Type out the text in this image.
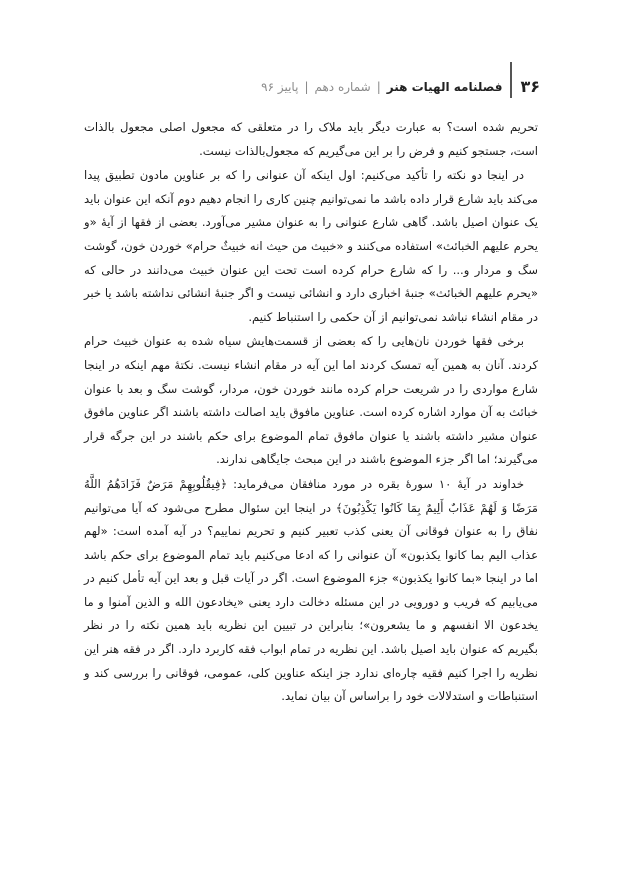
۳۶
فصلنامه الهیات هنر
|
شماره دهم
|
پاییز ۹۶

تحریم شده است؟ به عبارت دیگر باید ملاک را در متعلقی که مجعول اصلی مجعول بالذات است، جستجو کنیم و فرض را بر این می‌گیریم که مجعول‌بالذات نیست.

در اینجا دو نکته را تأکید می‌کنیم: اول اینکه آن عنوانی را که بر عناوین مادون تطبیق پیدا می‌کند باید شارع قرار داده باشد ما نمی‌توانیم چنین کاری را انجام دهیم دوم آنکه این عنوان باید یک عنوان اصیل باشد. گاهی شارع عنوانی را به عنوان مشیر می‌آورد. بعضی از فقها از آیهٔ «و یحرم علیهم الخبائث» استفاده می‌کنند و «خبیث من حیث انه خبیثٌ حرام» خوردن خون، گوشت سگ و مردار و... را که شارع حرام کرده است تحت این عنوان خبیث می‌دانند در حالی که «یحرم علیهم الخبائث» جنبهٔ اخباری دارد و انشائی نیست و اگر جنبهٔ انشائی نداشته باشد یا خبر در مقام انشاء نباشد نمی‌توانیم از آن حکمی را استنباط کنیم.

برخی فقها خوردن نان‌هایی را که بعضی از قسمت‌هایش سیاه شده به عنوان خبیث حرام کردند. آنان به همین آیه تمسک کردند اما این آیه در مقام انشاء نیست. نکتهٔ مهم اینکه در اینجا شارع مواردی را در شریعت حرام کرده مانند خوردن خون، مردار، گوشت سگ و بعد با عنوان خبائث به آن موارد اشاره کرده است. عناوین مافوق باید اصالت داشته باشند اگر عناوین مافوق عنوان مشیر داشته باشند یا عنوان مافوق تمام الموضوع برای حکم باشند در این جرگه قرار می‌گیرند؛ اما اگر جزء الموضوع باشند در این مبحث جایگاهی ندارند.

خداوند در آیهٔ ۱۰ سورهٔ بقره در مورد منافقان می‌فرماید: ﴿فِیقُلُوبِهِمْ مَرَضٌ فَزَادَهُمُ اللَّهُ مَرَضًا وَ لَهُمْ عَذَابٌ أَلِیمٌ بِمَا كَانُوا یَكْذِبُونَ﴾ در اینجا این سئوال مطرح می‌شود که آیا می‌توانیم نفاق را به عنوان فوقانی آن یعنی کذب تعبیر کنیم و تحریم نماییم؟ در آیه آمده است: «لهم عذاب الیم بما کانوا یکذبون» آن عنوانی را که ادعا می‌کنیم باید تمام الموضوع برای حکم باشد اما در اینجا «بما کانوا یکذبون» جزء الموضوع است. اگر در آیات قبل و بعد این آیه تأمل کنیم در می‌یابیم که فریب و دورویی در این مسئله دخالت دارد یعنی «یخادعون الله و الذین آمنوا و ما یخدعون الا انفسهم و ما یشعرون»؛ بنابراین در تبیین این نظریه باید همین نکته را در نظر بگیریم که عنوان باید اصیل باشد. این نظریه در تمام ابواب فقه کاربرد دارد. اگر در فقه هنر این نظریه را اجرا کنیم فقیه چاره‌ای ندارد جز اینکه عناوین کلی، عمومی، فوقانی را بررسی کند و استنباطات و استدلالات خود را براساس آن بیان نماید.
